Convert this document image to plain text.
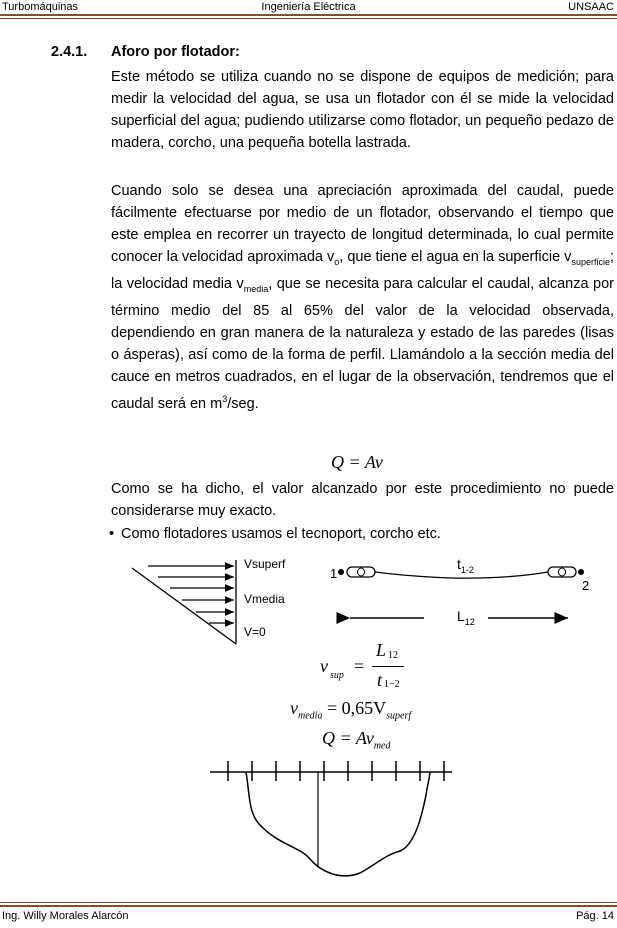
Turbomáquinas	Ingeniería Eléctrica	UNSAAC
2.4.1. Aforo por flotador:

Este método se utiliza cuando no se dispone de equipos de medición; para medir la velocidad del agua, se usa un flotador con él se mide la velocidad superficial del agua; pudiendo utilizarse como flotador, un pequeño pedazo de madera, corcho, una pequeña botella lastrada.

Cuando solo se desea una apreciación aproximada del caudal, puede fácilmente efectuarse por medio de un flotador, observando el tiempo que este emplea en recorrer un trayecto de longitud determinada, lo cual permite conocer la velocidad aproximada $v_o$, que tiene el agua en la superficie $v_{superficie}$; la velocidad media $v_{media}$, que se necesita para calcular el caudal, alcanza por término medio del 85 al 65% del valor de la velocidad observada, dependiendo en gran manera de la naturaleza y estado de las paredes (lisas o ásperas), así como de la forma de perfil. Llamándolo a la sección media del cauce en metros cuadrados, en el lugar de la observación, tendremos que el caudal será en $m^3$/seg.

Q = Av

Como se ha dicho, el valor alcanzado por este procedimiento no puede considerarse muy exacto.

• Como flotadores usamos el tecnoport, corcho etc.
Vsuperf
Vmedia
V=0
1
2
$t_{1-2}$
$L_{12}$
v sup =
L 12
t 1−2
$v_{media} = 0,65V_{superf}$
$Q = Av_{med}$
Ing. Willy Morales Alarcón	Pág. 14
